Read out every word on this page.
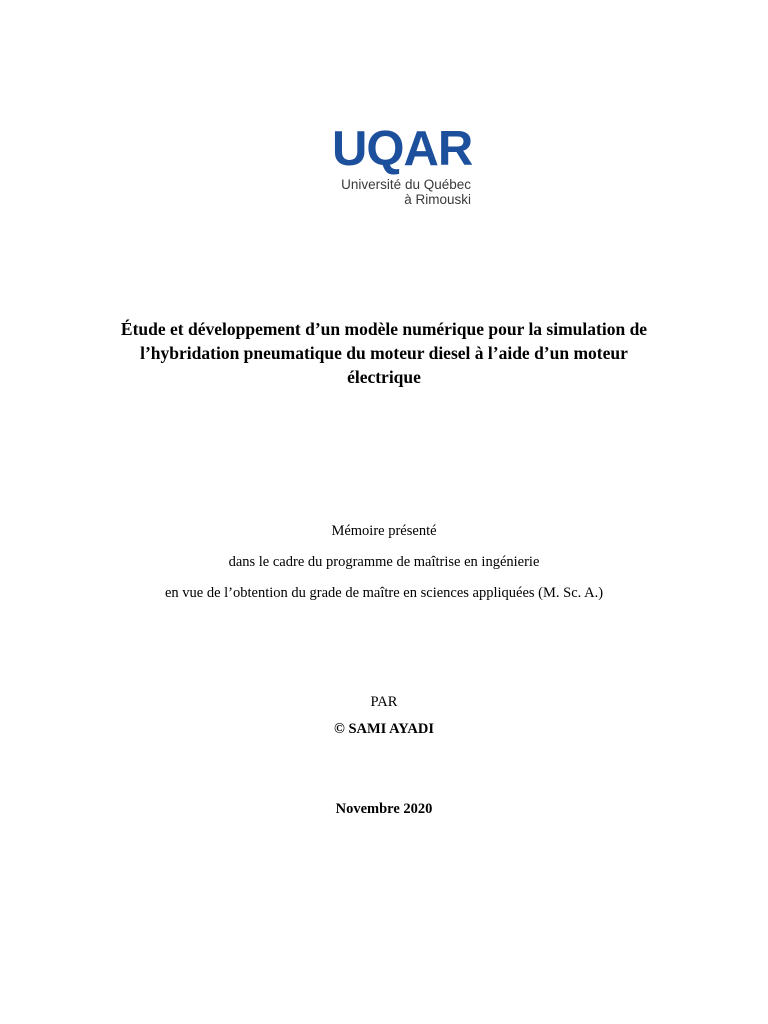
UQAR
Université du Québec
à Rimouski
Étude et développement d’un modèle numérique pour la simulation de
l’hybridation pneumatique du moteur diesel à l’aide d’un moteur
électrique
Mémoire présenté
dans le cadre du programme de maîtrise en ingénierie
en vue de l’obtention du grade de maître en sciences appliquées (M. Sc. A.)
PAR
© SAMI AYADI
Novembre 2020
